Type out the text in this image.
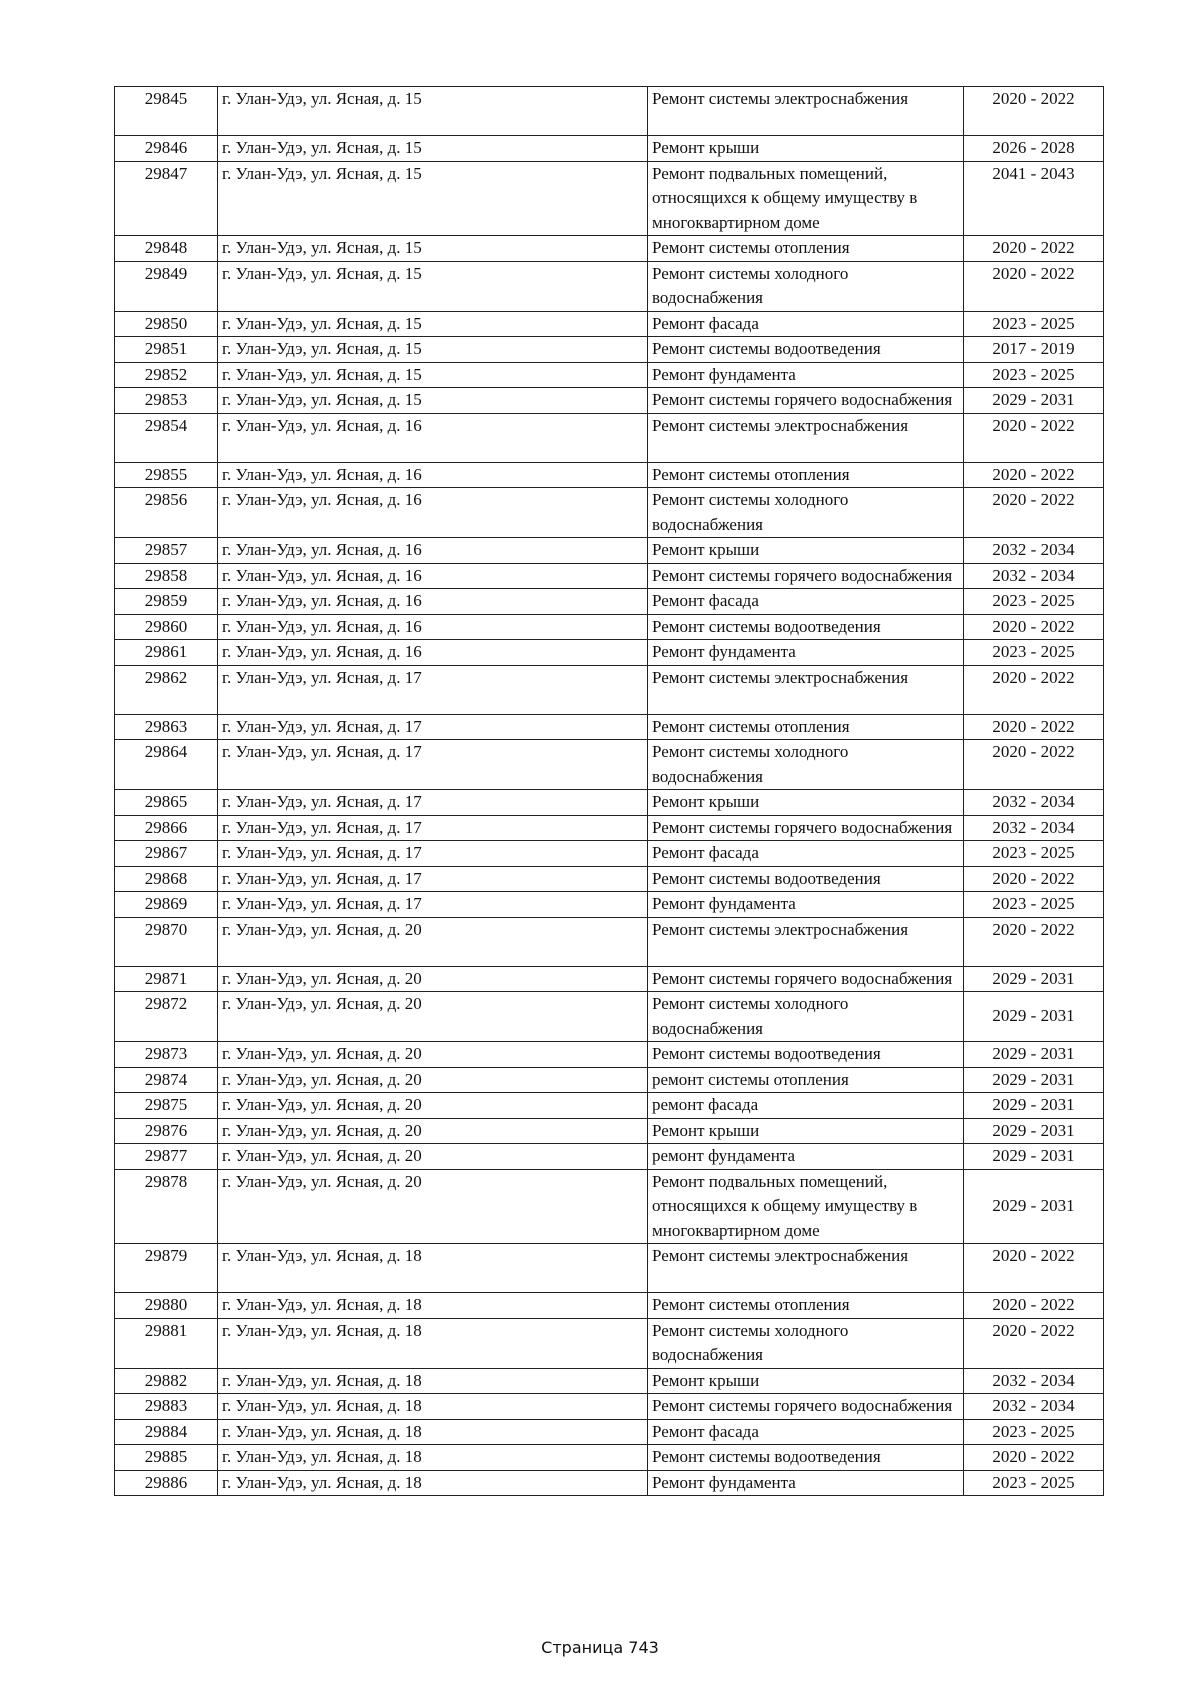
29845	г. Улан-Удэ, ул. Ясная, д. 15	Ремонт системы электроснабжения	2020 - 2022
29846	г. Улан-Удэ, ул. Ясная, д. 15	Ремонт крыши	2026 - 2028
29847	г. Улан-Удэ, ул. Ясная, д. 15	Ремонт подвальных помещений, относящихся к общему имуществу в многоквартирном доме	2041 - 2043
29848	г. Улан-Удэ, ул. Ясная, д. 15	Ремонт системы отопления	2020 - 2022
29849	г. Улан-Удэ, ул. Ясная, д. 15	Ремонт системы холодного водоснабжения	2020 - 2022
29850	г. Улан-Удэ, ул. Ясная, д. 15	Ремонт фасада	2023 - 2025
29851	г. Улан-Удэ, ул. Ясная, д. 15	Ремонт системы водоотведения	2017 - 2019
29852	г. Улан-Удэ, ул. Ясная, д. 15	Ремонт фундамента	2023 - 2025
29853	г. Улан-Удэ, ул. Ясная, д. 15	Ремонт системы горячего водоснабжения	2029 - 2031
29854	г. Улан-Удэ, ул. Ясная, д. 16	Ремонт системы электроснабжения	2020 - 2022
29855	г. Улан-Удэ, ул. Ясная, д. 16	Ремонт системы отопления	2020 - 2022
29856	г. Улан-Удэ, ул. Ясная, д. 16	Ремонт системы холодного водоснабжения	2020 - 2022
29857	г. Улан-Удэ, ул. Ясная, д. 16	Ремонт крыши	2032 - 2034
29858	г. Улан-Удэ, ул. Ясная, д. 16	Ремонт системы горячего водоснабжения	2032 - 2034
29859	г. Улан-Удэ, ул. Ясная, д. 16	Ремонт фасада	2023 - 2025
29860	г. Улан-Удэ, ул. Ясная, д. 16	Ремонт системы водоотведения	2020 - 2022
29861	г. Улан-Удэ, ул. Ясная, д. 16	Ремонт фундамента	2023 - 2025
29862	г. Улан-Удэ, ул. Ясная, д. 17	Ремонт системы электроснабжения	2020 - 2022
29863	г. Улан-Удэ, ул. Ясная, д. 17	Ремонт системы отопления	2020 - 2022
29864	г. Улан-Удэ, ул. Ясная, д. 17	Ремонт системы холодного водоснабжения	2020 - 2022
29865	г. Улан-Удэ, ул. Ясная, д. 17	Ремонт крыши	2032 - 2034
29866	г. Улан-Удэ, ул. Ясная, д. 17	Ремонт системы горячего водоснабжения	2032 - 2034
29867	г. Улан-Удэ, ул. Ясная, д. 17	Ремонт фасада	2023 - 2025
29868	г. Улан-Удэ, ул. Ясная, д. 17	Ремонт системы водоотведения	2020 - 2022
29869	г. Улан-Удэ, ул. Ясная, д. 17	Ремонт фундамента	2023 - 2025
29870	г. Улан-Удэ, ул. Ясная, д. 20	Ремонт системы электроснабжения	2020 - 2022
29871	г. Улан-Удэ, ул. Ясная, д. 20	Ремонт системы горячего водоснабжения	2029 - 2031
29872	г. Улан-Удэ, ул. Ясная, д. 20	Ремонт системы холодного водоснабжения	2029 - 2031
29873	г. Улан-Удэ, ул. Ясная, д. 20	Ремонт системы водоотведения	2029 - 2031
29874	г. Улан-Удэ, ул. Ясная, д. 20	ремонт системы отопления	2029 - 2031
29875	г. Улан-Удэ, ул. Ясная, д. 20	ремонт фасада	2029 - 2031
29876	г. Улан-Удэ, ул. Ясная, д. 20	Ремонт крыши	2029 - 2031
29877	г. Улан-Удэ, ул. Ясная, д. 20	ремонт фундамента	2029 - 2031
29878	г. Улан-Удэ, ул. Ясная, д. 20	Ремонт подвальных помещений, относящихся к общему имуществу в многоквартирном доме	2029 - 2031
29879	г. Улан-Удэ, ул. Ясная, д. 18	Ремонт системы электроснабжения	2020 - 2022
29880	г. Улан-Удэ, ул. Ясная, д. 18	Ремонт системы отопления	2020 - 2022
29881	г. Улан-Удэ, ул. Ясная, д. 18	Ремонт системы холодного водоснабжения	2020 - 2022
29882	г. Улан-Удэ, ул. Ясная, д. 18	Ремонт крыши	2032 - 2034
29883	г. Улан-Удэ, ул. Ясная, д. 18	Ремонт системы горячего водоснабжения	2032 - 2034
29884	г. Улан-Удэ, ул. Ясная, д. 18	Ремонт фасада	2023 - 2025
29885	г. Улан-Удэ, ул. Ясная, д. 18	Ремонт системы водоотведения	2020 - 2022
29886	г. Улан-Удэ, ул. Ясная, д. 18	Ремонт фундамента	2023 - 2025
Страница 743
